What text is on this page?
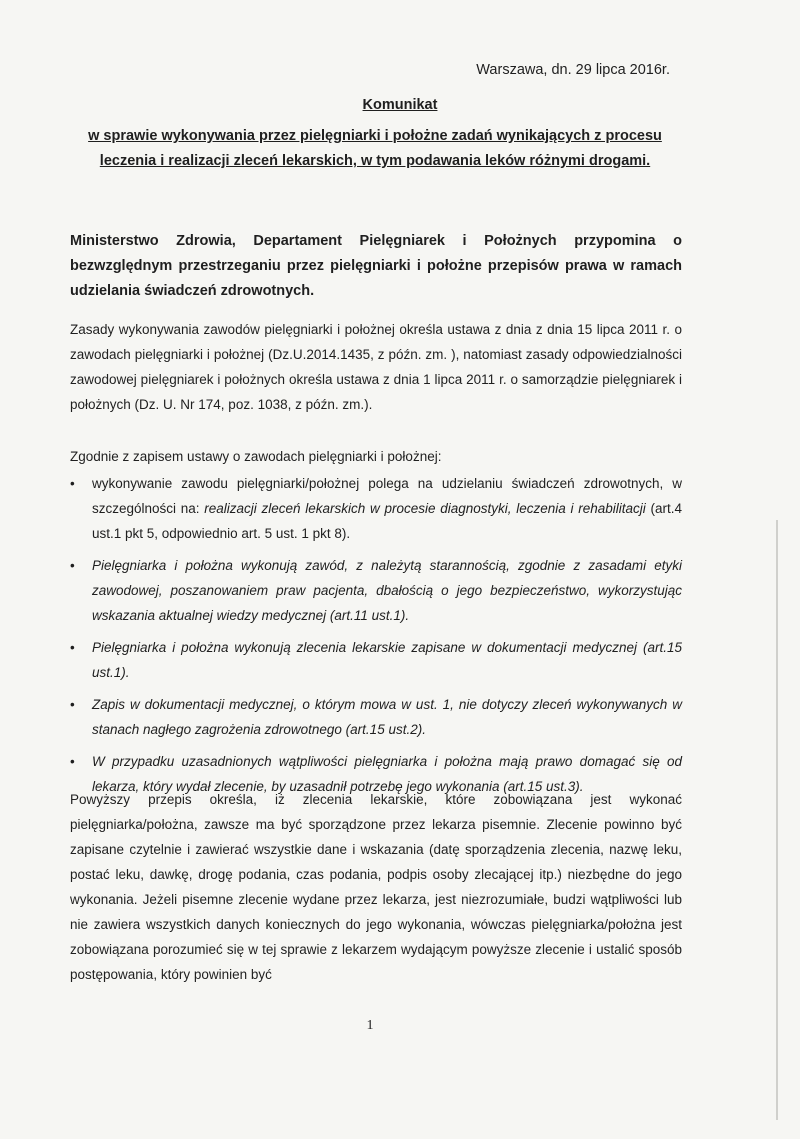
Warszawa, dn. 29 lipca 2016r.
Komunikat
w sprawie wykonywania przez pielęgniarki i położne zadań wynikających z procesu leczenia i realizacji zleceń lekarskich, w tym podawania leków różnymi drogami.
Ministerstwo Zdrowia, Departament Pielęgniarek i Położnych przypomina o bezwzględnym przestrzeganiu przez pielęgniarki i położne przepisów prawa w ramach udzielania świadczeń zdrowotnych.
Zasady wykonywania zawodów pielęgniarki i położnej określa ustawa z dnia z dnia 15 lipca 2011 r. o zawodach pielęgniarki i położnej (Dz.U.2014.1435, z późn. zm. ), natomiast zasady odpowiedzialności zawodowej pielęgniarek i położnych określa ustawa z dnia 1 lipca 2011 r. o samorządzie pielęgniarek i położnych (Dz. U. Nr 174, poz. 1038, z późn. zm.).
Zgodnie z zapisem ustawy o zawodach pielęgniarki i położnej:
• wykonywanie zawodu pielęgniarki/położnej polega na udzielaniu świadczeń zdrowotnych, w szczególności na: realizacji zleceń lekarskich w procesie diagnostyki, leczenia i rehabilitacji (art.4 ust.1 pkt 5, odpowiednio art. 5 ust. 1 pkt 8).
• Pielęgniarka i położna wykonują zawód, z należytą starannością, zgodnie z zasadami etyki zawodowej, poszanowaniem praw pacjenta, dbałością o jego bezpieczeństwo, wykorzystując wskazania aktualnej wiedzy medycznej (art.11 ust.1).
• Pielęgniarka i położna wykonują zlecenia lekarskie zapisane w dokumentacji medycznej (art.15 ust.1).
• Zapis w dokumentacji medycznej, o którym mowa w ust. 1, nie dotyczy zleceń wykonywanych w stanach nagłego zagrożenia zdrowotnego (art.15 ust.2).
• W przypadku uzasadnionych wątpliwości pielęgniarka i położna mają prawo domagać się od lekarza, który wydał zlecenie, by uzasadnił potrzebę jego wykonania (art.15 ust.3).
Powyższy przepis określa, iż zlecenia lekarskie, które zobowiązana jest wykonać pielęgniarka/położna, zawsze ma być sporządzone przez lekarza pisemnie. Zlecenie powinno być zapisane czytelnie i zawierać wszystkie dane i wskazania (datę sporządzenia zlecenia, nazwę leku, postać leku, dawkę, drogę podania, czas podania, podpis osoby zlecającej itp.) niezbędne do jego wykonania. Jeżeli pisemne zlecenie wydane przez lekarza, jest niezrozumiałe, budzi wątpliwości lub nie zawiera wszystkich danych koniecznych do jego wykonania, wówczas pielęgniarka/położna jest zobowiązana porozumieć się w tej sprawie z lekarzem wydającym powyższe zlecenie i ustalić sposób postępowania, który powinien być
1
